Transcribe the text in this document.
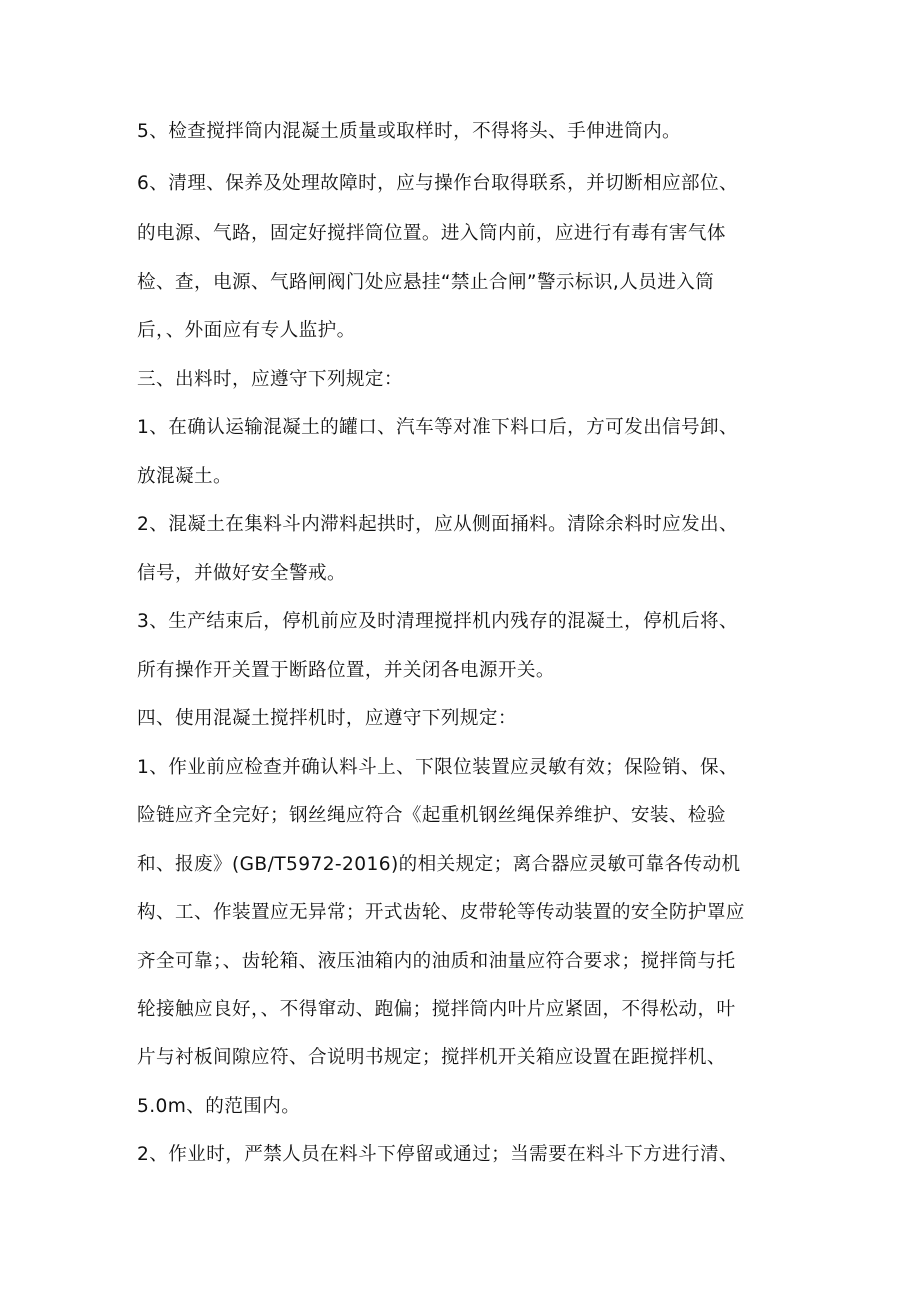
5、检查搅拌筒内混凝土质量或取样时，不得将头、手伸进筒内。
6、清理、保养及处理故障时，应与操作台取得联系，并切断相应部位、
的电源、气路，固定好搅拌筒位置。进入筒内前，应进行有毒有害气体
检、查，电源、气路闸阀门处应悬挂“禁止合闸”警示标识,人员进入筒
后，、外面应有专人监护。
三、出料时，应遵守下列规定：
1、在确认运输混凝土的罐口、汽车等对准下料口后，方可发出信号卸、
放混凝土。
2、混凝土在集料斗内滞料起拱时，应从侧面捅料。清除余料时应发出、
信号，并做好安全警戒。
3、生产结束后，停机前应及时清理搅拌机内残存的混凝土，停机后将、
所有操作开关置于断路位置，并关闭各电源开关。
四、使用混凝土搅拌机时，应遵守下列规定：
1、作业前应检查并确认料斗上、下限位装置应灵敏有效；保险销、保、
险链应齐全完好；钢丝绳应符合《起重机钢丝绳保养维护、安装、检验
和、报废》(GB/T5972-2016)的相关规定；离合器应灵敏可靠各传动机
构、工、作装置应无异常；开式齿轮、皮带轮等传动装置的安全防护罩应
齐全可靠；、齿轮箱、液压油箱内的油质和油量应符合要求；搅拌筒与托
轮接触应良好，、不得窜动、跑偏；搅拌筒内叶片应紧固，不得松动，叶
片与衬板间隙应符、合说明书规定；搅拌机开关箱应设置在距搅拌机、
5.0m、的范围内。
2、作业时，严禁人员在料斗下停留或通过；当需要在料斗下方进行清、
